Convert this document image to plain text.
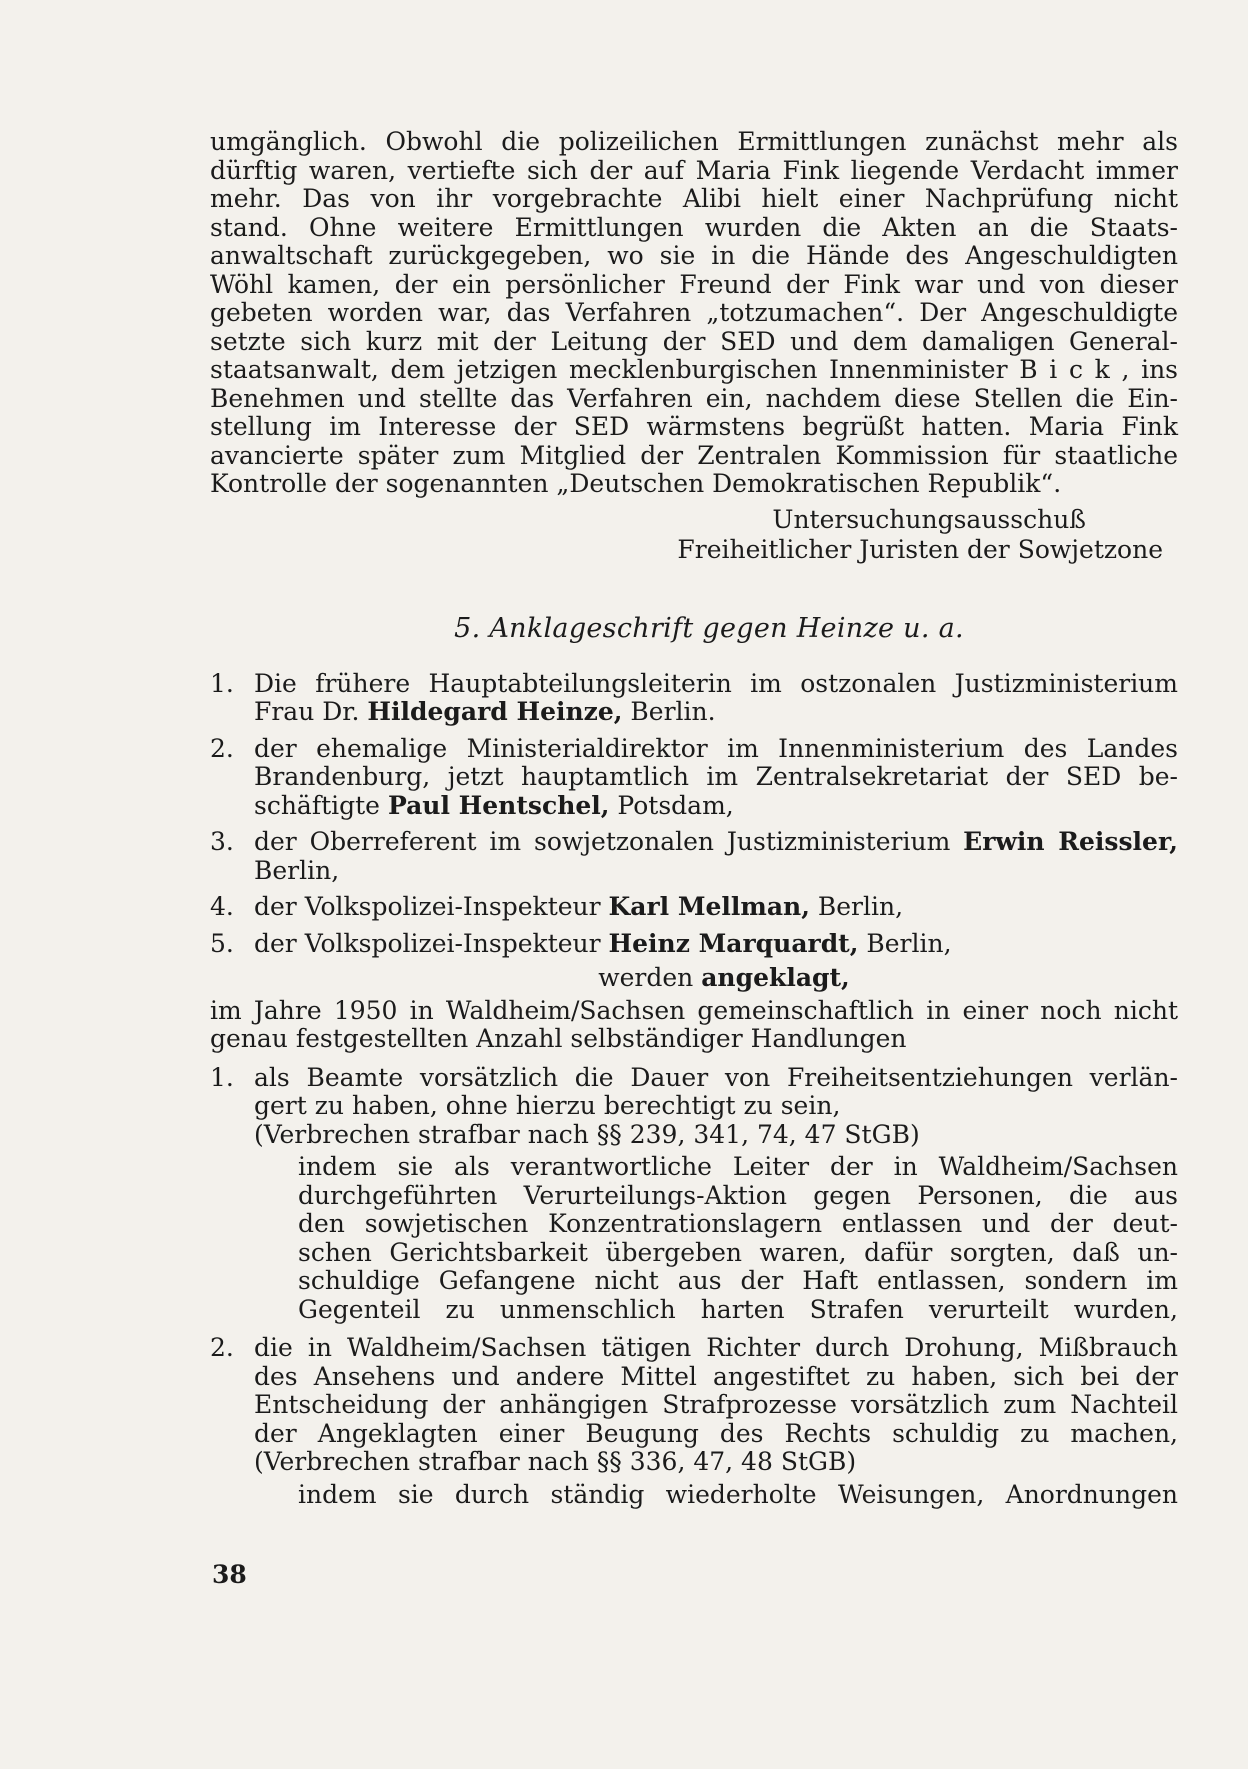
umgänglich. Obwohl die polizeilichen Ermittlungen zunächst mehr als

dürftig waren, vertiefte sich der auf Maria Fink liegende Verdacht immer

mehr. Das von ihr vorgebrachte Alibi hielt einer Nachprüfung nicht

stand. Ohne weitere Ermittlungen wurden die Akten an die Staats-

anwaltschaft zurückgegeben, wo sie in die Hände des Angeschuldigten

Wöhl kamen, der ein persönlicher Freund der Fink war und von dieser

gebeten worden war, das Verfahren „totzumachen“. Der Angeschuldigte

setzte sich kurz mit der Leitung der SED und dem damaligen General-

staatsanwalt, dem jetzigen mecklenburgischen Innenminister B i c k , ins

Benehmen und stellte das Verfahren ein, nachdem diese Stellen die Ein-

stellung im Interesse der SED wärmstens begrüßt hatten. Maria Fink

avancierte später zum Mitglied der Zentralen Kommission für staatliche

Kontrolle der sogenannten „Deutschen Demokratischen Republik“.

Untersuchungsausschuß
Freiheitlicher Juristen der Sowjetzone
5. Anklageschrift gegen Heinze u. a.
1. Die frühere Hauptabteilungsleiterin im ostzonalen Justizministerium
Frau Dr. Hildegard Heinze, Berlin.
2. der ehemalige Ministerialdirektor im Innenministerium des Landes
Brandenburg, jetzt hauptamtlich im Zentralsekretariat der SED be-
schäftigte Paul Hentschel, Potsdam,
3. der Oberreferent im sowjetzonalen Justizministerium Erwin Reissler,
Berlin,
4. der Volkspolizei-Inspekteur Karl Mellman, Berlin,
5. der Volkspolizei-Inspekteur Heinz Marquardt, Berlin,
werden angeklagt,

im Jahre 1950 in Waldheim/Sachsen gemeinschaftlich in einer noch nicht

genau festgestellten Anzahl selbständiger Handlungen

1. als Beamte vorsätzlich die Dauer von Freiheitsentziehungen verlän-

gert zu haben, ohne hierzu berechtigt zu sein,

(Verbrechen strafbar nach §§ 239, 341, 74, 47 StGB)

indem sie als verantwortliche Leiter der in Waldheim/Sachsen

durchgeführten Verurteilungs-Aktion gegen Personen, die aus

den sowjetischen Konzentrationslagern entlassen und der deut-

schen Gerichtsbarkeit übergeben waren, dafür sorgten, daß un-

schuldige Gefangene nicht aus der Haft entlassen, sondern im

Gegenteil zu unmenschlich harten Strafen verurteilt wurden,

2. die in Waldheim/Sachsen tätigen Richter durch Drohung, Mißbrauch

des Ansehens und andere Mittel angestiftet zu haben, sich bei der

Entscheidung der anhängigen Strafprozesse vorsätzlich zum Nachteil

der Angeklagten einer Beugung des Rechts schuldig zu machen,

(Verbrechen strafbar nach §§ 336, 47, 48 StGB)

indem sie durch ständig wiederholte Weisungen, Anordnungen

38
